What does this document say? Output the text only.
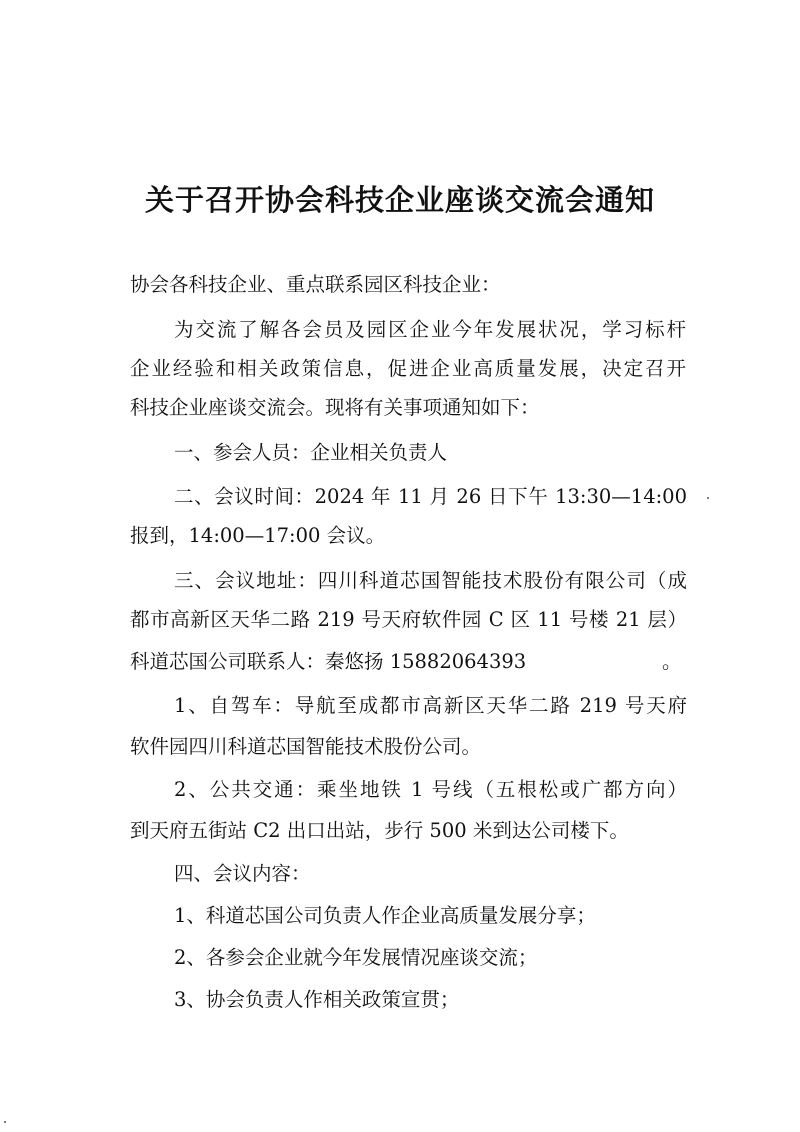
关于召开协会科技企业座谈交流会通知

协会各科技企业、重点联系园区科技企业：

为交流了解各会员及园区企业今年发展状况，学习标杆

企业经验和相关政策信息，促进企业高质量发展，决定召开

科技企业座谈交流会。现将有关事项通知如下：

一、参会人员：企业相关负责人

二、会议时间：2024 年 11 月 26 日下午 13:30—14:00

报到，14:00—17:00 会议。

三、会议地址：四川科道芯国智能技术股份有限公司（成

都市高新区天华二路 219 号天府软件园 C 区 11 号楼 21 层）

科道芯国公司联系人：秦悠扬 15882064393	。

1、自驾车：导航至成都市高新区天华二路 219 号天府

软件园四川科道芯国智能技术股份公司。

2、公共交通：乘坐地铁 1 号线（五根松或广都方向）

到天府五街站 C2 出口出站，步行 500 米到达公司楼下。

四、会议内容：

1、科道芯国公司负责人作企业高质量发展分享；

2、各参会企业就今年发展情况座谈交流；

3、协会负责人作相关政策宣贯；
